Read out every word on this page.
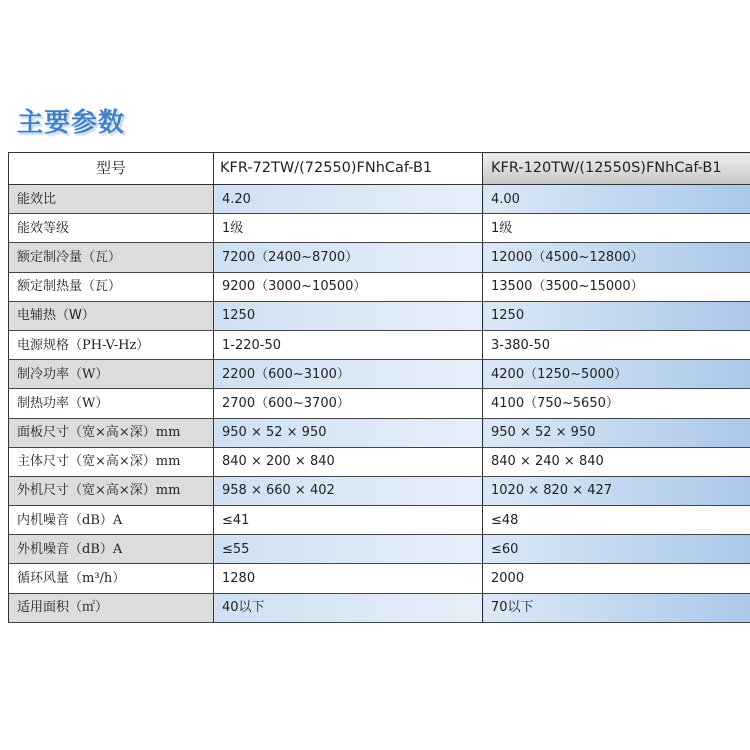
主要参数
型号	KFR-72TW/(72550)FNhCaf-B1	KFR-120TW/(12550S)FNhCaf-B1
能效比	4.20	4.00
能效等级	1级	1级
额定制冷量（瓦）	7200（2400~8700）	12000（4500~12800）
额定制热量（瓦）	9200（3000~10500）	13500（3500~15000）
电辅热（W）	1250	1250
电源规格（PH-V-Hz）	1-220-50	3-380-50
制冷功率（W）	2200（600~3100）	4200（1250~5000）
制热功率（W）	2700（600~3700）	4100（750~5650）
面板尺寸（宽×高×深）mm	950 × 52 × 950	950 × 52 × 950
主体尺寸（宽×高×深）mm	840 × 200 × 840	840 × 240 × 840
外机尺寸（宽×高×深）mm	958 × 660 × 402	1020 × 820 × 427
内机噪音（dB）A	≤41	≤48
外机噪音（dB）A	≤55	≤60
循环风量（m³/h）	1280	2000
适用面积（㎡）	40以下	70以下
